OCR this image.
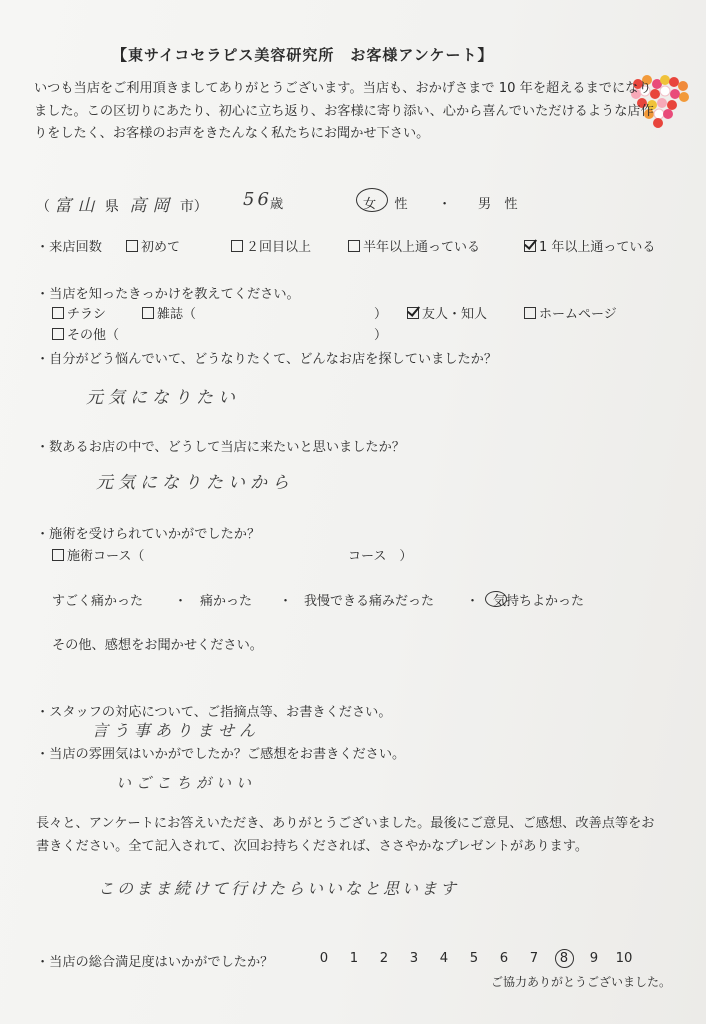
【東サイコセラピス美容研究所　お客様アンケート】
いつも当店をご利用頂きましてありがとうございます。当店も、おかげさまで 10 年を超えるまでになりました。この区切りにあたり、初心に立ち返り、お客様に寄り添い、心から喜んでいただけるような店作りをしたく、お客様のお声をきたんなく私たちにお聞かせ下さい。
（ 富山 県 高岡 市） 56
歳	女 性 ・ 男　性
・来店回数	初めて	２回目以上	半年以上通っている	1 年以上通っている
・当店を知ったきっかけを教えてください。
チラシ	雑誌（	）	友人・知人	ホームページ
その他（	）
・自分がどう悩んでいて、どうなりたくて、どんなお店を探していましたか？
元気になりたい
・数あるお店の中で、どうして当店に来たいと思いましたか？
元気になりたいから
・施術を受けられていかがでしたか？
施術コース（	コース　）
すごく痛かった ・ 痛かった ・ 我慢できる痛みだった ・ 気持ちよかった
その他、感想をお聞かせください。
・スタッフの対応について、ご指摘点等、お書きください。
言う事ありません
・当店の雰囲気はいかがでしたか？ご感想をお書きください。
いごこちがいい
長々と、アンケートにお答えいただき、ありがとうございました。最後にご意見、ご感想、改善点等をお書きください。全て記入されて、次回お持ちくだされば、ささやかなプレゼントがあります。
このまま続けて行けたらいいなと思います
・当店の総合満足度はいかがでしたか？	0 1 2 3 4 5 6 7 8 9 10
ご協力ありがとうございました。
